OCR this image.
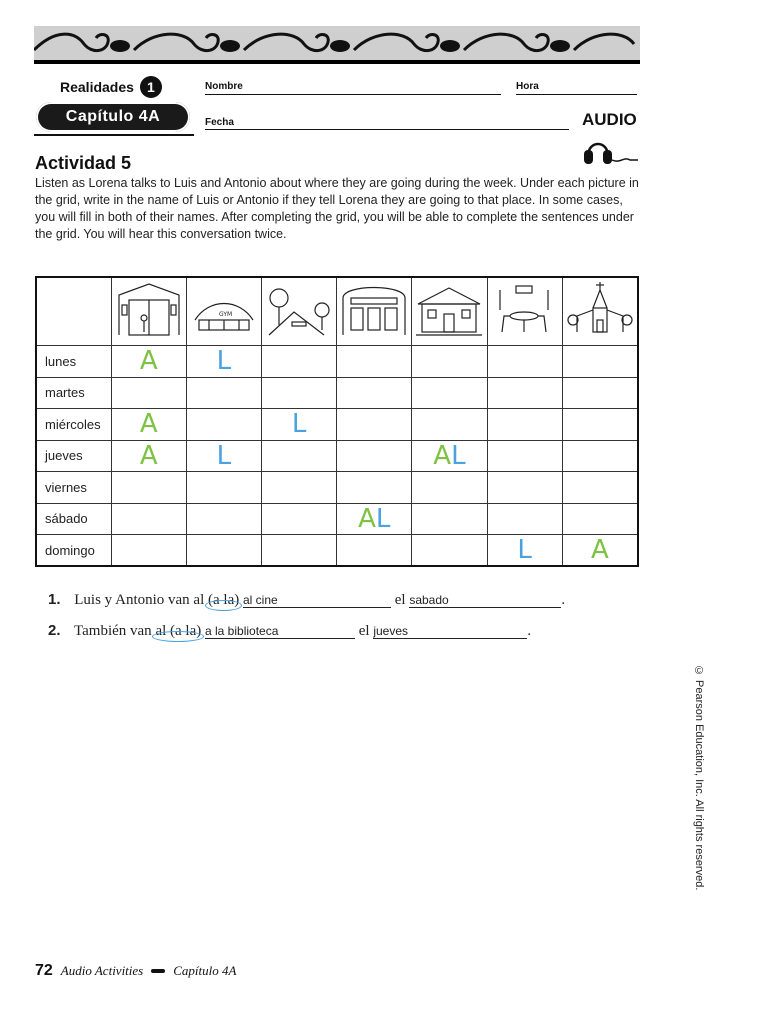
Realidades 1
Capítulo 4A
Nombre	Hora
Fecha	AUDIO
Actividad 5

Listen as Lorena talks to Luis and Antonio about where they are going during the week. Under each picture in the grid, write in the name of Luis or Antonio if they tell Lorena they are going to that place. In some cases, you will fill in both of their names. After completing the grid, you will be able to complete the sentences under the grid. You will hear this conversation twice.

GYM

lunes	A	L					
martes							
miércoles	A		L				
jueves	A	L			AL		
viernes							
sábado				AL			
domingo						L	A
1. Luis y Antonio van al (a la) al cine	el sabado	.
2. También van al (a la) a la biblioteca	el jueves	.
© Pearson Education, Inc. All rights reserved.
72 Audio Activities Capítulo 4A
